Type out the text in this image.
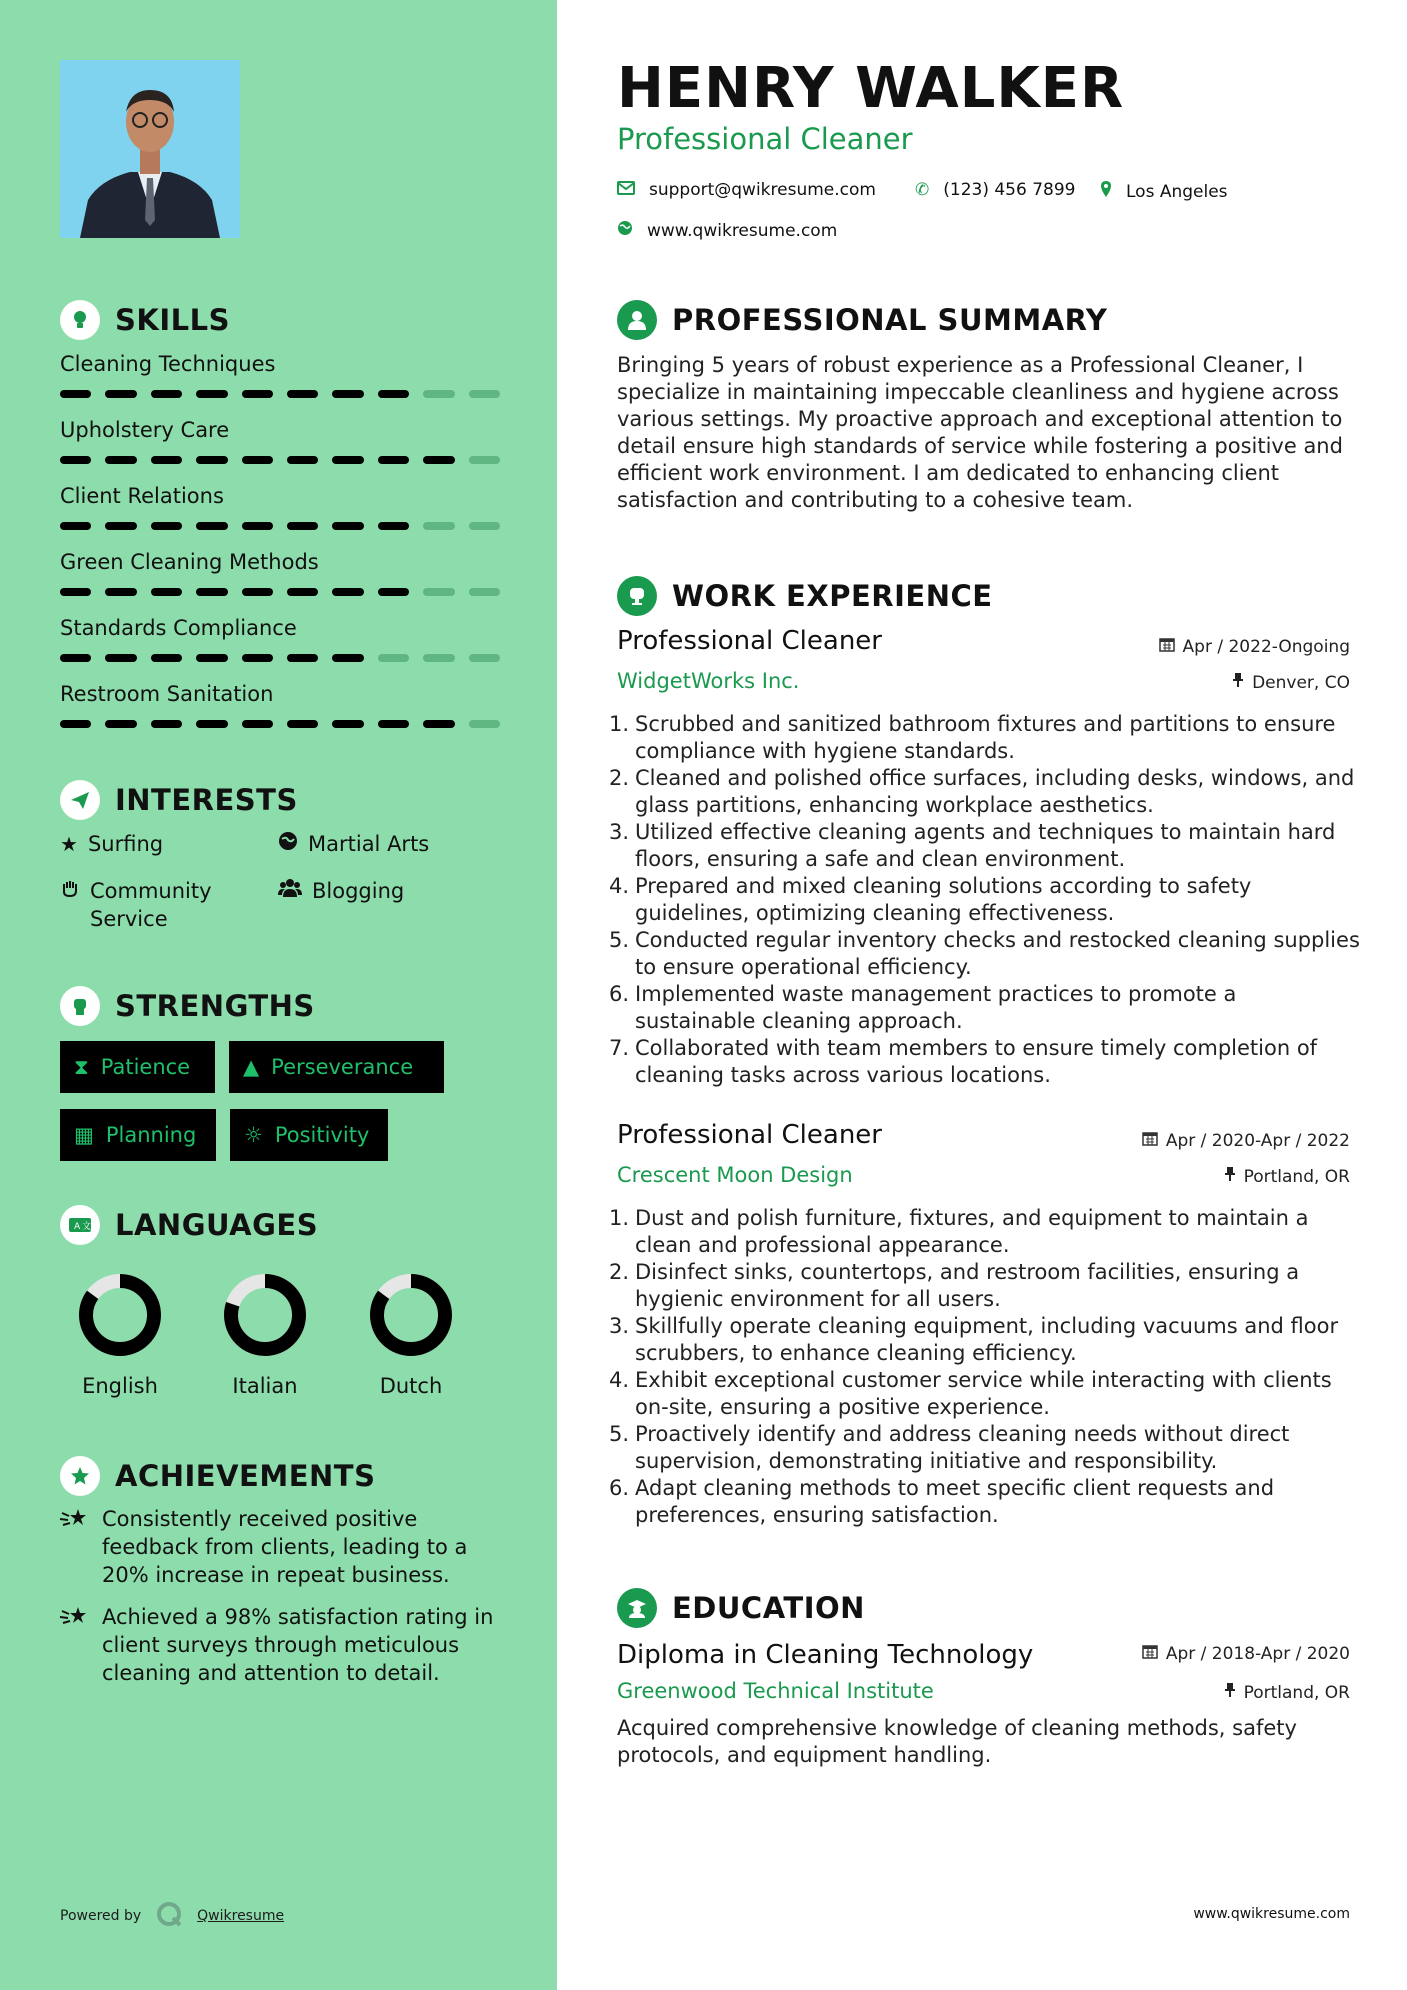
SKILLS
Cleaning Techniques
Upholstery Care
Client Relations
Green Cleaning Methods
Standards Compliance
Restroom Sanitation
INTERESTS
★ Surfing	Martial Arts
Community Service
Blogging
STRENGTHS
⧗ Patience	▲ Perseverance
▦ Planning ☼ Positivity
A 文 LANGUAGES
English	Italian	Dutch
ACHIEVEMENTS
Consistently received positive feedback from clients, leading to a 20% increase in repeat business.
Achieved a 98% satisfaction rating in client surveys through meticulous cleaning and attention to detail.
Powered by	Qwikresume
HENRY WALKER
Professional Cleaner
support@qwikresume.com ✆ (123) 456 7899	Los Angeles
www.qwikresume.com
PROFESSIONAL SUMMARY
Bringing 5 years of robust experience as a Professional Cleaner, I specialize in maintaining impeccable cleanliness and hygiene across various settings. My proactive approach and exceptional attention to detail ensure high standards of service while fostering a positive and efficient work environment. I am dedicated to enhancing client satisfaction and contributing to a cohesive team.
WORK EXPERIENCE
Professional Cleaner	Apr / 2022-Ongoing
WidgetWorks Inc.	Denver, CO
Scrubbed and sanitized bathroom fixtures and partitions to ensure compliance with hygiene standards.
Cleaned and polished office surfaces, including desks, windows, and glass partitions, enhancing workplace aesthetics.
Utilized effective cleaning agents and techniques to maintain hard floors, ensuring a safe and clean environment.
Prepared and mixed cleaning solutions according to safety guidelines, optimizing cleaning effectiveness.
Conducted regular inventory checks and restocked cleaning supplies to ensure operational efficiency.
Implemented waste management practices to promote a sustainable cleaning approach.
Collaborated with team members to ensure timely completion of cleaning tasks across various locations.
Professional Cleaner	Apr / 2020-Apr / 2022
Crescent Moon Design	Portland, OR
Dust and polish furniture, fixtures, and equipment to maintain a clean and professional appearance.
Disinfect sinks, countertops, and restroom facilities, ensuring a hygienic environment for all users.
Skillfully operate cleaning equipment, including vacuums and floor scrubbers, to enhance cleaning efficiency.
Exhibit exceptional customer service while interacting with clients on-site, ensuring a positive experience.
Proactively identify and address cleaning needs without direct supervision, demonstrating initiative and responsibility.
Adapt cleaning methods to meet specific client requests and preferences, ensuring satisfaction.
EDUCATION
Diploma in Cleaning Technology	Apr / 2018-Apr / 2020
Greenwood Technical Institute	Portland, OR
Acquired comprehensive knowledge of cleaning methods, safety protocols, and equipment handling.
www.qwikresume.com
